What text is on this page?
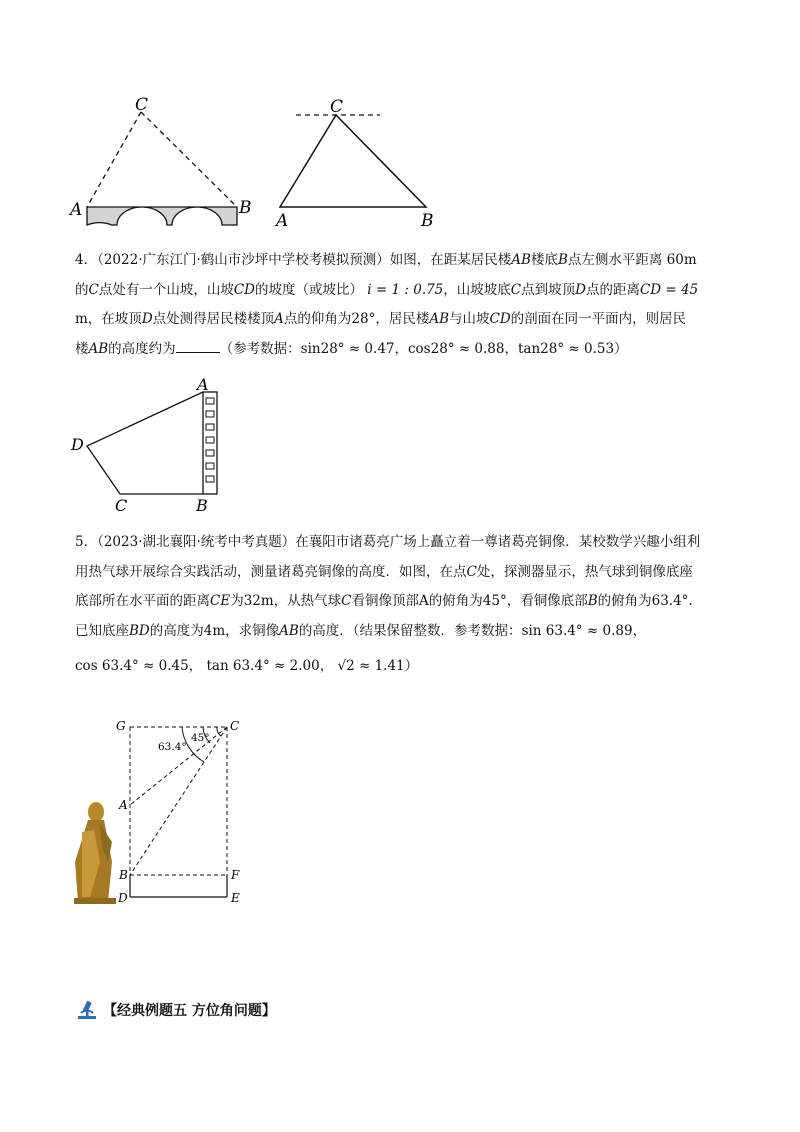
C
A	B
C
A	B
4．（2022·广东江门·鹤山市沙坪中学校考模拟预测）如图，在距某居民楼AB楼底B点左侧水平距离 60m
的C点处有一个山坡，山坡CD的坡度（或坡比） i = 1 : 0.75，山坡坡底C点到坡顶D点的距离CD = 45
m，在坡顶D点处测得居民楼楼顶A点的仰角为28°，居民楼AB与山坡CD的剖面在同一平面内，则居民
楼AB的高度约为	（参考数据：sin28° ≈ 0.47，cos28° ≈ 0.88，tan28° ≈ 0.53）
A
D
C	B
5．（2023·湖北襄阳·统考中考真题）在襄阳市诸葛亮广场上矗立着一尊诸葛亮铜像．某校数学兴趣小组利
用热气球开展综合实践活动，测量诸葛亮铜像的高度．如图，在点C处，探测器显示，热气球到铜像底座
底部所在水平面的距离CE为32m，从热气球C看铜像顶部A的俯角为45°，看铜像底部B的俯角为63.4°.
已知底座BD的高度为4m，求铜像AB的高度．（结果保留整数．参考数据：sin 63.4° ≈ 0.89，
cos 63.4° ≈ 0.45， tan 63.4° ≈ 2.00， √2 ≈ 1.41）
G	C
A
B
D
F
E
45°
63.4°
【经典例题五 方位角问题】
